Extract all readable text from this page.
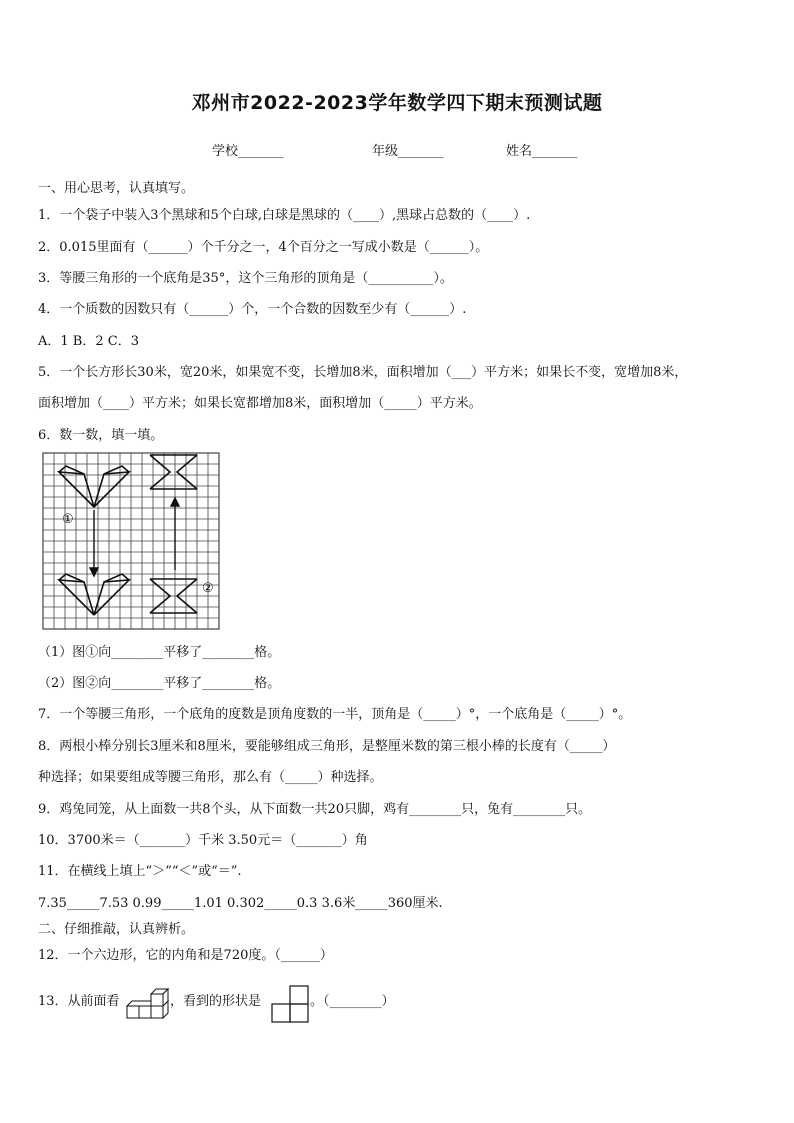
邓州市2022-2023学年数学四下期末预测试题
学校_______	年级_______	姓名_______
一、用心思考，认真填写。
1．一个袋子中装入3个黑球和5个白球,白球是黑球的（____）,黑球占总数的（____）.
2．0.015里面有（______）个千分之一，4个百分之一写成小数是（______）。
3．等腰三角形的一个底角是35°，这个三角形的顶角是（__________）。
4．一个质数的因数只有（______）个，一个合数的因数至少有（______）.
A．1 B．2 C．3
5．一个长方形长30米，宽20米，如果宽不变，长增加8米，面积增加（___）平方米；如果长不变，宽增加8米，
面积增加（____）平方米；如果长宽都增加8米，面积增加（_____）平方米。
6．数一数，填一填。
①
②
（1）图①向________平移了________格。
（2）图②向________平移了________格。
7．一个等腰三角形，一个底角的度数是顶角度数的一半，顶角是（_____）°，一个底角是（_____）°。
8．两根小棒分别长3厘米和8厘米，要能够组成三角形，是整厘米数的第三根小棒的长度有（_____）
种选择；如果要组成等腰三角形，那么有（_____）种选择。
9．鸡兔同笼，从上面数一共8个头，从下面数一共20只脚，鸡有________只，兔有________只。
10．3700米＝（_______）千米 3.50元＝（_______）角
11．在横线上填上“＞”“＜”或“＝”.
7.35_____7.53 0.99_____1.01 0.302_____0.3 3.6米_____360厘米.
二、仔细推敲，认真辨析。
12．一个六边形，它的内角和是720度。（______）
13．从前面看	，看到的形状是	。（________）
